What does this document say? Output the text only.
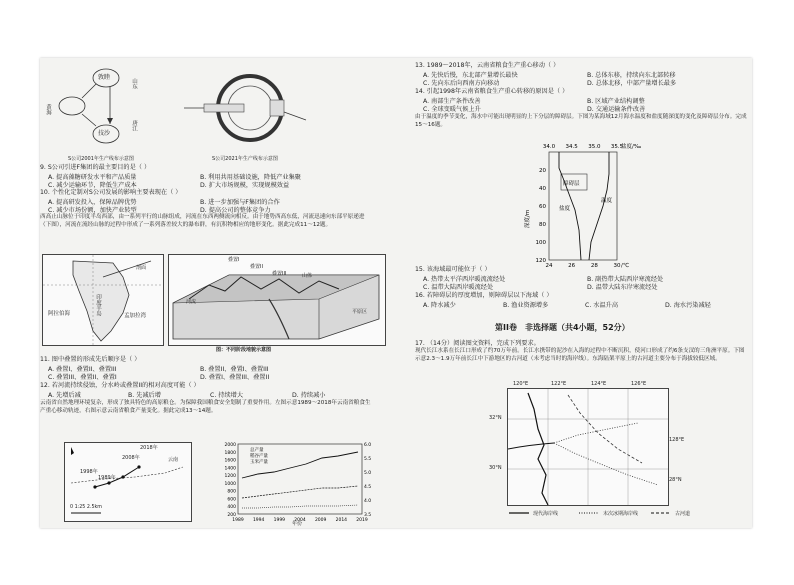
敦睦
山东
黄海
技沙
唐江
S公司2001年生产线布示意图	S公司2021年生产线布示意图
9. S公司引进F集团的最主要目的是（ ）
A. 提高藻糖研发水平和产品质量	B. 利用共用基础设施，降低产业集聚
C. 减少运输环节，降低生产成本	D. 扩大市场规模，实现规模效益
10. 个性化定制对S公司发展的影响主要表现在（ ）
A. 提高研发投入，保障品牌优势	B. 进一步加强与F集团的合作
C. 减少市场份额，加快产业转型	D. 提高公司的整体竞争力
西高止山脉位于印度半岛西部，由一系列平行的山脉组成，河流在东西两侧流向相反。由于地势西高东低，河流迅速向东部平原递进（下图），河流在流经山脉的过程中形成了一系列落差较大的瀑布群，有沉积物相应的地形变化。据此完成11～12题。
印度半岛
阿拉伯海	孟加拉湾
剖面
叠置I
叠置II
叠置III	山体
平原区
河流
图：不同阶段地貌示意图
11. 图中叠置的形成先后顺序是（ ）
A. 叠置I、叠置II、叠置III	B. 叠置II、叠置I、叠置III
C. 叠置III、叠置II、叠置I	D. 叠置I、叠置III、叠置II
12. 若河流持续侵蚀，分水岭或叠置II的相对高度可能（ ）
A. 先增后减	B. 先减后增	C. 持续增大	D. 持续减小
云南省自然地理环境复杂，形成了独具特色的高原粮仓。为保障我国粮食安全划制了重要作用。左图示意1989～2018年云南省粮食生产重心移动轨迹，右图示意云南省粮食产量变化。据此完成13～14题。
2018年
2008年
1998年
1989年
0 1:25 2.5km
云南
2000
1800
1600
1400
1200
1000
800
600
400
200
6.0
5.5
5.0
4.5
4.0
3.5
1989 1994 1999 2004 2009 2014 2019
总产量
稻谷产量
玉米产量
年份
13. 1989～2018年，云南省粮食生产重心移动（ ）
A. 先快后慢，东北部产量增长最快	B. 总体东移，持续向东北部转移
C. 先向东后向西南方向移动	D. 总体北移，中部产量增长最多
14. 引起1998年云南省粮食生产重心转移的原因是（ ）
A. 南部生产条件改善	B. 区域产业结构调整
C. 全球变暖气候上升	D. 交通运输条件改善
由于温度的季节变化，海水中可能出现明显的上下分层的障碍层。下图为某海域12月海水温度和盐度随深度的变化及障碍层分布。完成15～16题。
34.0 34.5 35.0 35.5
盐度/‰
24	26	28	30 /℃
20
40
60
80
100
120
深度/m
障碍层
盐度
温度
15. 该海域最可能位于（ ）
A. 热带太平洋西岸暖流流经处	B. 副热带大陆西岸寒流经处
C. 温带大陆西岸暖流经处	D. 温带大陆东岸寒流经处
16. 若障碍层的厚度增加，则障碍层以下海域（ ）
A. 降水减少	B. 渔业资源增多	C. 水温升高	D. 海水污染减轻
第II卷　非选择题（共4小题，52分）
17. （14分）阅读图文资料，完成下列要求。
现代长江水系在长江口形成了约70万年前。长江水携带的泥沙在入海的过程中不断沉积，使河口形成了约6条支汊的三角洲平原。下图示意2.3～1.9万年前长江中下游地区的古河道（未考虑当时的海岸线）。东海陆架平原上的古河道主要分布于海拔较低区域。
120°E	122°E	124°E	126°E
32°N
30°N
28°N
128°E
现代海岸线	末次冰期海岸线	古河道
